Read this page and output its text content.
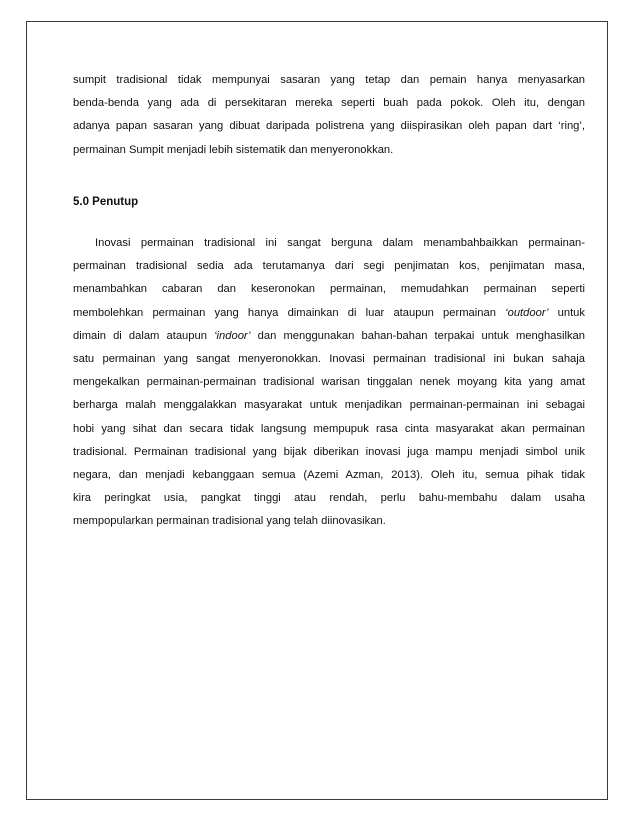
sumpit tradisional tidak mempunyai sasaran yang tetap dan pemain hanya menyasarkan
benda-benda yang ada di persekitaran mereka seperti buah pada pokok. Oleh itu, dengan
adanya papan sasaran yang dibuat daripada polistrena yang diispirasikan oleh papan dart ‘ring’,
permainan Sumpit menjadi lebih sistematik dan menyeronokkan.
5.0 Penutup
Inovasi permainan tradisional ini sangat berguna dalam menambahbaikkan permainan-
permainan tradisional sedia ada terutamanya dari segi penjimatan kos, penjimatan masa,
menambahkan cabaran dan keseronokan permainan, memudahkan permainan seperti
membolehkan permainan yang hanya dimainkan di luar ataupun permainan ‘outdoor’ untuk
dimain di dalam ataupun ‘indoor’ dan menggunakan bahan-bahan terpakai untuk menghasilkan
satu permainan yang sangat menyeronokkan. Inovasi permainan tradisional ini bukan sahaja
mengekalkan permainan-permainan tradisional warisan tinggalan nenek moyang kita yang amat
berharga malah menggalakkan masyarakat untuk menjadikan permainan-permainan ini sebagai
hobi yang sihat dan secara tidak langsung mempupuk rasa cinta masyarakat akan permainan
tradisional. Permainan tradisional yang bijak diberikan inovasi juga mampu menjadi simbol unik
negara, dan menjadi kebanggaan semua (Azemi Azman, 2013). Oleh itu, semua pihak tidak
kira peringkat usia, pangkat tinggi atau rendah, perlu bahu-membahu dalam usaha
mempopularkan permainan tradisional yang telah diinovasikan.
